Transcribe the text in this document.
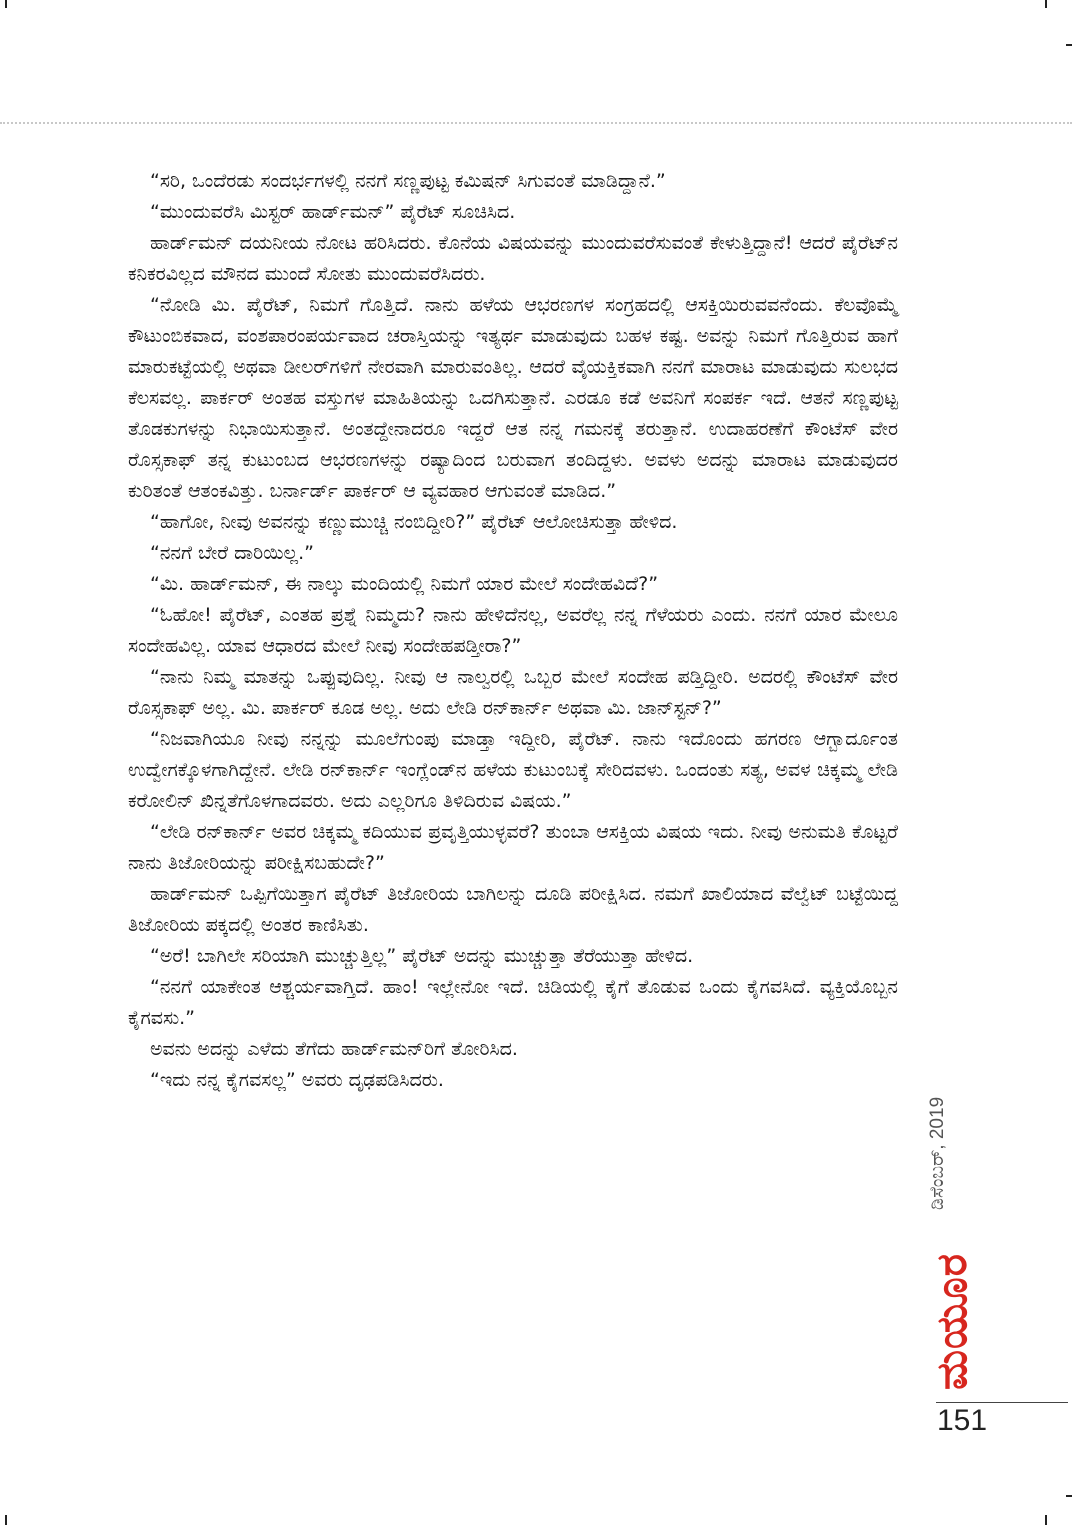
“ಸರಿ, ಒಂದೆರಡು ಸಂದರ್ಭಗಳಲ್ಲಿ ನನಗೆ ಸಣ್ಣಪುಟ್ಟ ಕಮಿಷನ್ ಸಿಗುವಂತೆ ಮಾಡಿದ್ದಾನೆ.”

“ಮುಂದುವರೆಸಿ ಮಿಸ್ಟರ್ ಹಾರ್ಡ್‌ಮನ್” ಪೈರೆಟ್ ಸೂಚಿಸಿದ.

ಹಾರ್ಡ್‌ಮನ್ ದಯನೀಯ ನೋಟ ಹರಿಸಿದರು. ಕೊನೆಯ ವಿಷಯವನ್ನು ಮುಂದುವರೆಸುವಂತೆ ಕೇಳುತ್ತಿದ್ದಾನೆ! ಆದರೆ ಪೈರೆಟ್‌ನ ಕನಿಕರವಿಲ್ಲದ ಮೌನದ ಮುಂದೆ ಸೋತು ಮುಂದುವರೆಸಿದರು.

“ನೋಡಿ ಮಿ. ಪೈರೆಟ್, ನಿಮಗೆ ಗೊತ್ತಿದೆ. ನಾನು ಹಳೆಯ ಆಭರಣಗಳ ಸಂಗ್ರಹದಲ್ಲಿ ಆಸಕ್ತಿಯಿರುವವನೆಂದು. ಕೆಲವೊಮ್ಮೆ ಕೌಟುಂಬಿಕವಾದ, ವಂಶಪಾರಂಪರ್ಯವಾದ ಚರಾಸ್ತಿಯನ್ನು ಇತ್ಯರ್ಥ ಮಾಡುವುದು ಬಹಳ ಕಷ್ಟ. ಅವನ್ನು ನಿಮಗೆ ಗೊತ್ತಿರುವ ಹಾಗೆ ಮಾರುಕಟ್ಟೆಯಲ್ಲಿ ಅಥವಾ ಡೀಲರ್‌ಗಳಿಗೆ ನೇರವಾಗಿ ಮಾರುವಂತಿಲ್ಲ. ಆದರೆ ವೈಯಕ್ತಿಕವಾಗಿ ನನಗೆ ಮಾರಾಟ ಮಾಡುವುದು ಸುಲಭದ ಕೆಲಸವಲ್ಲ. ಪಾರ್ಕರ್ ಅಂತಹ ವಸ್ತುಗಳ ಮಾಹಿತಿಯನ್ನು ಒದಗಿಸುತ್ತಾನೆ. ಎರಡೂ ಕಡೆ ಅವನಿಗೆ ಸಂಪರ್ಕ ಇದೆ. ಆತನೆ ಸಣ್ಣಪುಟ್ಟ ತೊಡಕುಗಳನ್ನು ನಿಭಾಯಿಸುತ್ತಾನೆ. ಅಂತದ್ದೇನಾದರೂ ಇದ್ದರೆ ಆತ ನನ್ನ ಗಮನಕ್ಕೆ ತರುತ್ತಾನೆ. ಉದಾಹರಣೆಗೆ ಕೌಂಟೆಸ್ ವೇರ ರೊಸ್ಸಕಾಫ್ ತನ್ನ ಕುಟುಂಬದ ಆಭರಣಗಳನ್ನು ರಷ್ಯಾದಿಂದ ಬರುವಾಗ ತಂದಿದ್ದಳು. ಅವಳು ಅದನ್ನು ಮಾರಾಟ ಮಾಡುವುದರ ಕುರಿತಂತೆ ಆತಂಕವಿತ್ತು. ಬರ್ನಾರ್ಡ್ ಪಾರ್ಕರ್ ಆ ವ್ಯವಹಾರ ಆಗುವಂತೆ ಮಾಡಿದ.”

“ಹಾಗೋ, ನೀವು ಅವನನ್ನು ಕಣ್ಣುಮುಚ್ಚಿ ನಂಬಿದ್ದೀರಿ?” ಪೈರೆಟ್ ಆಲೋಚಿಸುತ್ತಾ ಹೇಳಿದ.

“ನನಗೆ ಬೇರೆ ದಾರಿಯಿಲ್ಲ.”

“ಮಿ. ಹಾರ್ಡ್‌ಮನ್, ಈ ನಾಲ್ಕು ಮಂದಿಯಲ್ಲಿ ನಿಮಗೆ ಯಾರ ಮೇಲೆ ಸಂದೇಹವಿದೆ?”

“ಓಹೋ! ಪೈರೆಟ್, ಎಂತಹ ಪ್ರಶ್ನೆ ನಿಮ್ಮದು? ನಾನು ಹೇಳಿದೆನಲ್ಲ, ಅವರೆಲ್ಲ ನನ್ನ ಗೆಳೆಯರು ಎಂದು. ನನಗೆ ಯಾರ ಮೇಲೂ ಸಂದೇಹವಿಲ್ಲ. ಯಾವ ಆಧಾರದ ಮೇಲೆ ನೀವು ಸಂದೇಹಪಡ್ತೀರಾ?”

“ನಾನು ನಿಮ್ಮ ಮಾತನ್ನು ಒಪ್ಪುವುದಿಲ್ಲ. ನೀವು ಆ ನಾಲ್ವರಲ್ಲಿ ಒಬ್ಬರ ಮೇಲೆ ಸಂದೇಹ ಪಡ್ತಿದ್ದೀರಿ. ಅದರಲ್ಲಿ ಕೌಂಟೆಸ್ ವೇರ ರೊಸ್ಸಕಾಫ್ ಅಲ್ಲ. ಮಿ. ಪಾರ್ಕರ್ ಕೂಡ ಅಲ್ಲ. ಅದು ಲೇಡಿ ರನ್‌ಕಾರ್ನ್ ಅಥವಾ ಮಿ. ಜಾನ್‌ಸ್ಟನ್?”

“ನಿಜವಾಗಿಯೂ ನೀವು ನನ್ನನ್ನು ಮೂಲೆಗುಂಪು ಮಾಡ್ತಾ ಇದ್ದೀರಿ, ಪೈರೆಟ್. ನಾನು ಇದೊಂದು ಹಗರಣ ಆಗ್ಬಾರ್ದೂಂತ ಉದ್ವೇಗಕ್ಕೊಳಗಾಗಿದ್ದೇನೆ. ಲೇಡಿ ರನ್‌ಕಾರ್ನ್ ಇಂಗ್ಲೆಂಡ್‌ನ ಹಳೆಯ ಕುಟುಂಬಕ್ಕೆ ಸೇರಿದವಳು. ಒಂದಂತು ಸತ್ಯ, ಅವಳ ಚಿಕ್ಕಮ್ಮ ಲೇಡಿ ಕರೋಲಿನ್ ಖಿನ್ನತೆಗೊಳಗಾದವರು. ಅದು ಎಲ್ಲರಿಗೂ ತಿಳಿದಿರುವ ವಿಷಯ.”

“ಲೇಡಿ ರನ್‌ಕಾರ್ನ್ ಅವರ ಚಿಕ್ಕಮ್ಮ ಕದಿಯುವ ಪ್ರವೃತ್ತಿಯುಳ್ಳವರೆ? ತುಂಬಾ ಆಸಕ್ತಿಯ ವಿಷಯ ಇದು. ನೀವು ಅನುಮತಿ ಕೊಟ್ಟರೆ ನಾನು ತಿಜೋರಿಯನ್ನು ಪರೀಕ್ಷಿಸಬಹುದೇ?”

ಹಾರ್ಡ್‌ಮನ್ ಒಪ್ಪಿಗೆಯಿತ್ತಾಗ ಪೈರೆಟ್ ತಿಜೋರಿಯ ಬಾಗಿಲನ್ನು ದೂಡಿ ಪರೀಕ್ಷಿಸಿದ. ನಮಗೆ ಖಾಲಿಯಾದ ವೆಲ್ವೆಟ್ ಬಟ್ಟೆಯಿದ್ದ ತಿಜೋರಿಯ ಪಕ್ಕದಲ್ಲಿ ಅಂತರ ಕಾಣಿಸಿತು.

“ಅರೆ! ಬಾಗಿಲೇ ಸರಿಯಾಗಿ ಮುಚ್ಚುತ್ತಿಲ್ಲ” ಪೈರೆಟ್ ಅದನ್ನು ಮುಚ್ಚುತ್ತಾ ತೆರೆಯುತ್ತಾ ಹೇಳಿದ.

“ನನಗೆ ಯಾಕೇಂತ ಆಶ್ಚರ್ಯವಾಗ್ತಿದೆ. ಹಾಂ! ಇಲ್ಲೇನೋ ಇದೆ. ಚಿಡಿಯಲ್ಲಿ ಕೈಗೆ ತೊಡುವ ಒಂದು ಕೈಗವಸಿದೆ. ವ್ಯಕ್ತಿಯೊಬ್ಬನ ಕೈಗವಸು.”

ಅವನು ಅದನ್ನು ಎಳೆದು ತೆಗೆದು ಹಾರ್ಡ್‌ಮನ್‌ರಿಗೆ ತೋರಿಸಿದ.

“ಇದು ನನ್ನ ಕೈಗವಸಲ್ಲ” ಅವರು ದೃಢಪಡಿಸಿದರು.

ಡಿಸೆಂಬರ್, 2019
ಮಯೂರ
151
